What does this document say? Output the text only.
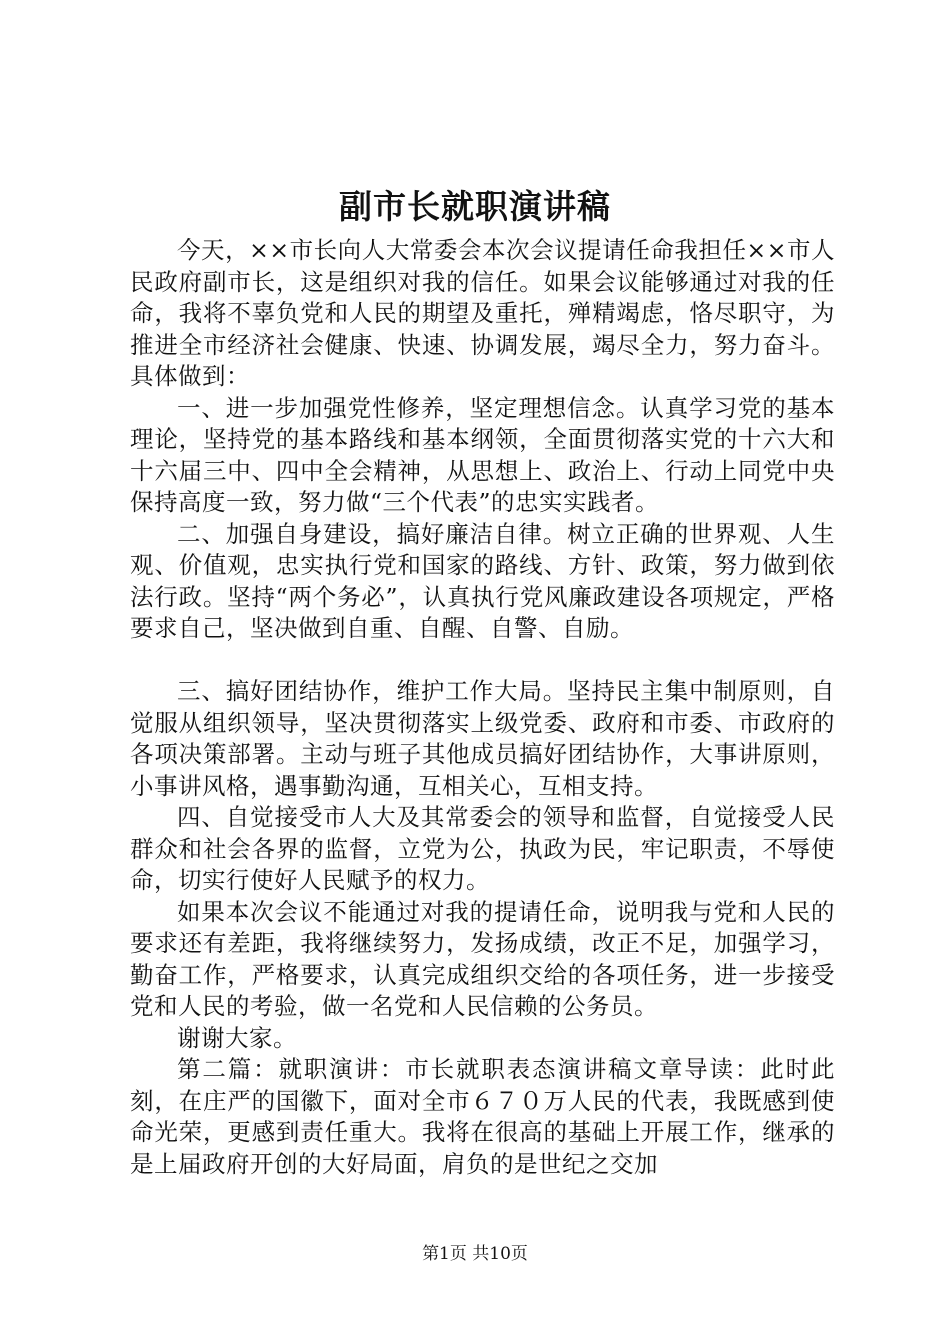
副市长就职演讲稿

今天，××市长向人大常委会本次会议提请任命我担任××市人民政府副市长，这是组织对我的信任。如果会议能够通过对我的任命，我将不辜负党和人民的期望及重托，殚精竭虑，恪尽职守，为推进全市经济社会健康、快速、协调发展，竭尽全力，努力奋斗。具体做到：

一、进一步加强党性修养，坚定理想信念。认真学习党的基本理论，坚持党的基本路线和基本纲领，全面贯彻落实党的十六大和十六届三中、四中全会精神，从思想上、政治上、行动上同党中央保持高度一致，努力做“三个代表”的忠实实践者。

二、加强自身建设，搞好廉洁自律。树立正确的世界观、人生观、价值观，忠实执行党和国家的路线、方针、政策，努力做到依法行政。坚持“两个务必”，认真执行党风廉政建设各项规定，严格要求自己，坚决做到自重、自醒、自警、自励。

三、搞好团结协作，维护工作大局。坚持民主集中制原则，自觉服从组织领导，坚决贯彻落实上级党委、政府和市委、市政府的各项决策部署。主动与班子其他成员搞好团结协作，大事讲原则，小事讲风格，遇事勤沟通，互相关心，互相支持。

四、自觉接受市人大及其常委会的领导和监督，自觉接受人民群众和社会各界的监督，立党为公，执政为民，牢记职责，不辱使命，切实行使好人民赋予的权力。

如果本次会议不能通过对我的提请任命，说明我与党和人民的要求还有差距，我将继续努力，发扬成绩，改正不足，加强学习，勤奋工作，严格要求，认真完成组织交给的各项任务，进一步接受党和人民的考验，做一名党和人民信赖的公务员。

谢谢大家。

第二篇：就职演讲：市长就职表态演讲稿文章导读：此时此刻，在庄严的国徽下，面对全市６７０万人民的代表，我既感到使命光荣，更感到责任重大。我将在很高的基础上开展工作，继承的是上届政府开创的大好局面，肩负的是世纪之交加

第1页 共10页
